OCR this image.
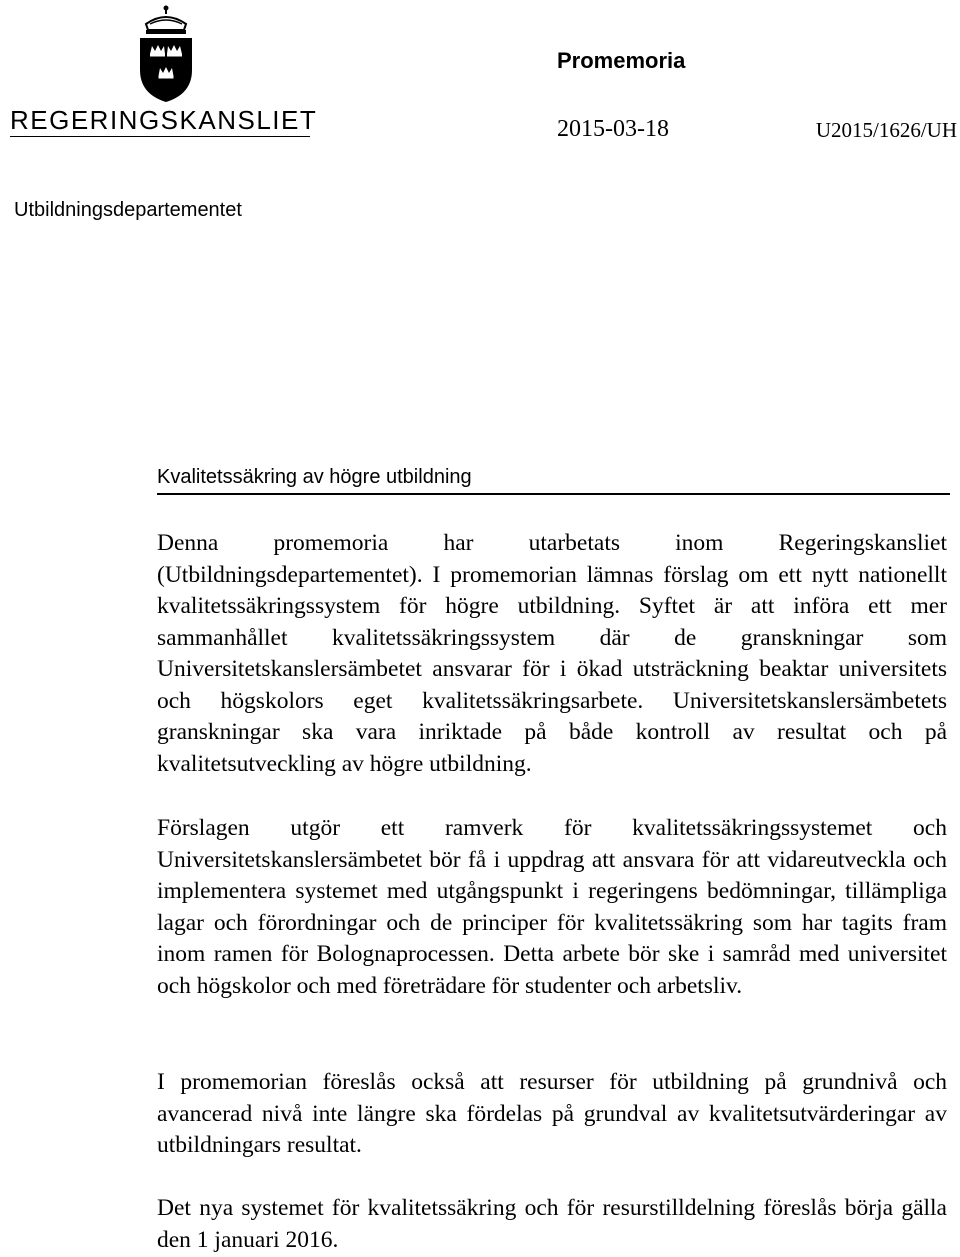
REGERINGSKANSLIET
Promemoria
2015-03-18	U2015/1626/UH
Utbildningsdepartementet
Kvalitetssäkring av högre utbildning

Denna promemoria har utarbetats inom Regeringskansliet (Utbildningsdepartementet). I promemorian lämnas förslag om ett nytt nationellt kvalitetssäkringssystem för högre utbildning. Syftet är att införa ett mer sammanhållet kvalitetssäkringssystem där de granskningar som Universitetskanslersämbetet ansvarar för i ökad utsträckning beaktar universitets och högskolors eget kvalitetssäkringsarbete. Universitetskanslersämbetets granskningar ska vara inriktade på både kontroll av resultat och på kvalitetsutveckling av högre utbildning.

Förslagen utgör ett ramverk för kvalitetssäkringssystemet och Universitetskanslersämbetet bör få i uppdrag att ansvara för att vidareutveckla och implementera systemet med utgångspunkt i regeringens bedömningar, tillämpliga lagar och förordningar och de principer för kvalitetssäkring som har tagits fram inom ramen för Bolognaprocessen. Detta arbete bör ske i samråd med universitet och högskolor och med företrädare för studenter och arbetsliv.

I promemorian föreslås också att resurser för utbildning på grundnivå och avancerad nivå inte längre ska fördelas på grundval av kvalitetsutvärderingar av utbildningars resultat.

Det nya systemet för kvalitetssäkring och för resurstilldelning föreslås börja gälla den 1 januari 2016.
